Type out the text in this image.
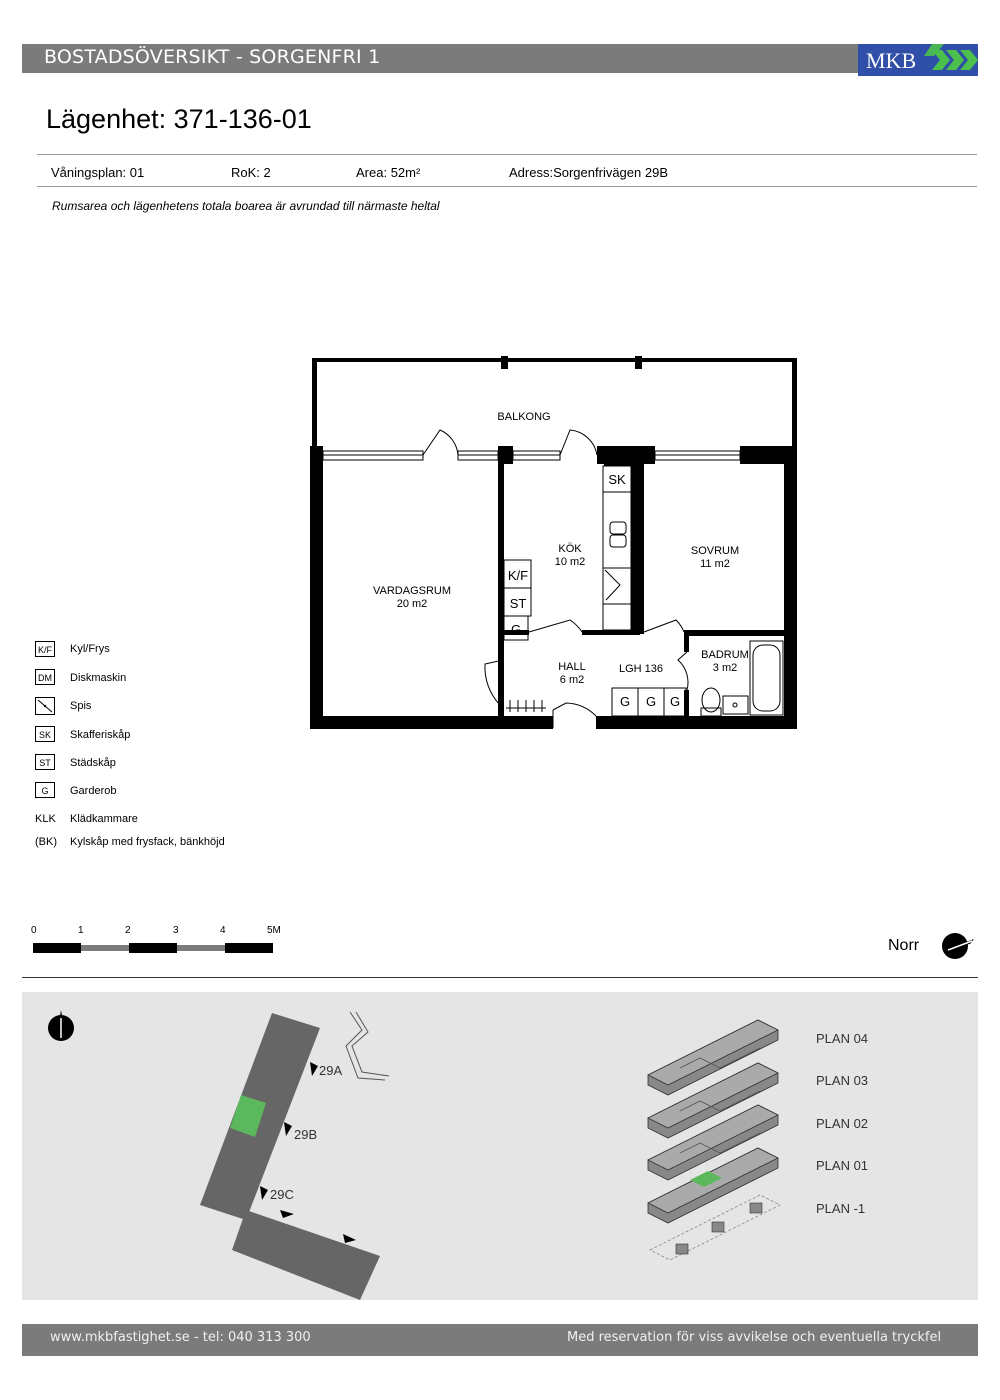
BOSTADSÖVERSIKT - SORGENFRI 1	MKB
Lägenhet: 371-136-01
Våningsplan: 01	RoK: 2	Area: 52m²	Adress:Sorgenfrivägen 29B
Rumsarea och lägenhetens totala boarea är avrundad till närmaste heltal
BALKONG
SK
K/F
ST
G
G G G
VARDAGSRUM
20 m2
KÖK
10 m2
SOVRUM
11 m2
HALL
6 m2
LGH 136
BADRUM
3 m2
K/F Kyl/Frys
DM Diskmaskin
Spis
SK	Skafferiskåp
ST	Städskåp
G	Garderob
KLK Klädkammare
(BK) Kylskåp med frysfack, bänkhöjd
0	1	2	3	4	5M
Norr
29A
29B
29C
PLAN 04
PLAN 03
PLAN 02
PLAN 01
PLAN -1
www.mkbfastighet.se - tel: 040 313 300	Med reservation för viss avvikelse och eventuella tryckfel
